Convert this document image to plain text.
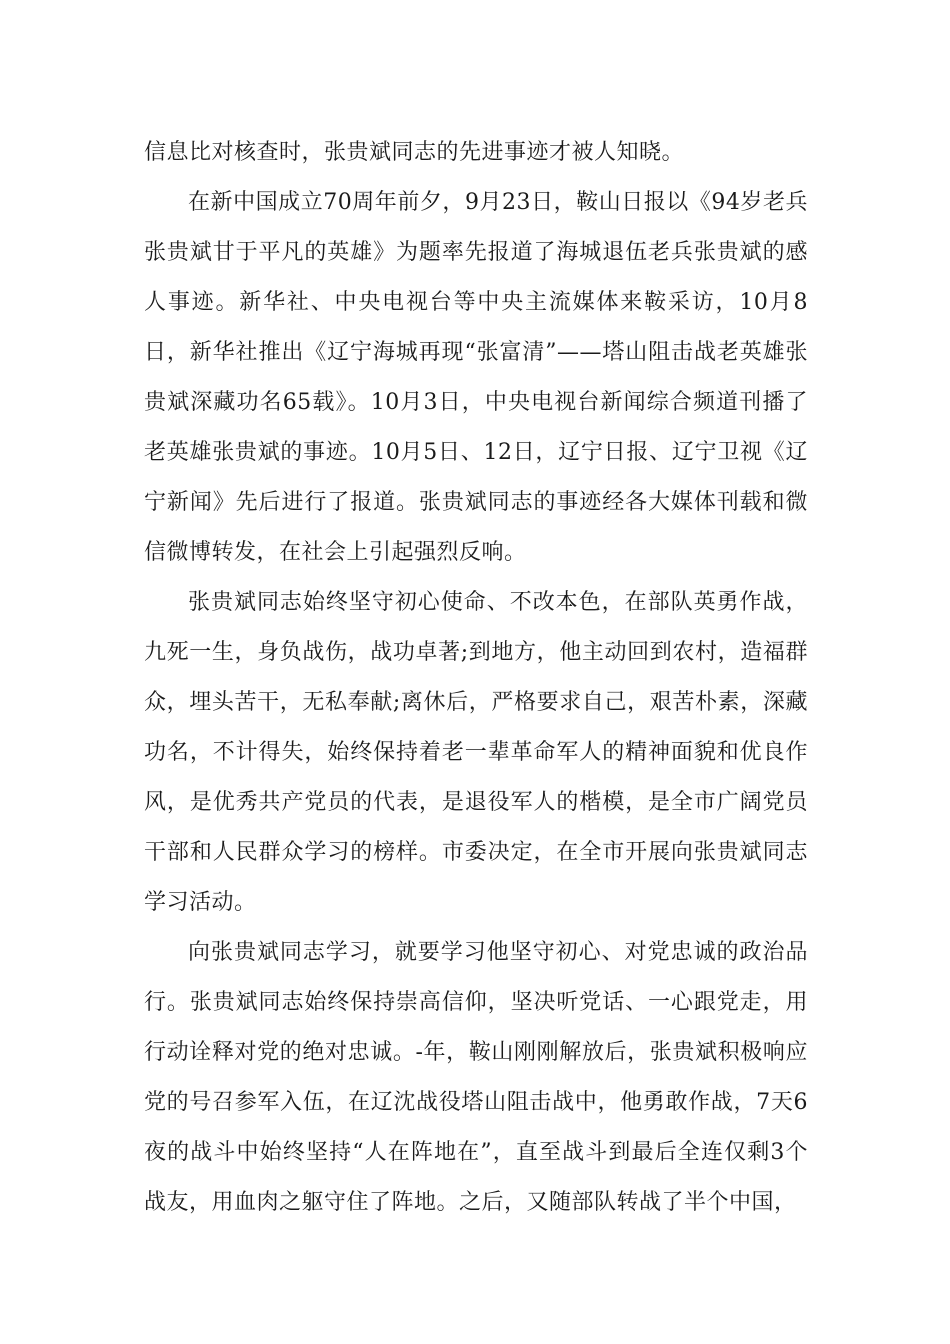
信息比对核查时，张贵斌同志的先进事迹才被人知晓。

在新中国成立70周年前夕，9月23日，鞍山日报以《94岁老兵张贵斌甘于平凡的英雄》为题率先报道了海城退伍老兵张贵斌的感人事迹。新华社、中央电视台等中央主流媒体来鞍采访，10月8日，新华社推出《辽宁海城再现“张富清”——塔山阻击战老英雄张贵斌深藏功名65载》。10月3日，中央电视台新闻综合频道刊播了老英雄张贵斌的事迹。10月5日、12日，辽宁日报、辽宁卫视《辽宁新闻》先后进行了报道。张贵斌同志的事迹经各大媒体刊载和微信微博转发，在社会上引起强烈反响。

张贵斌同志始终坚守初心使命、不改本色，在部队英勇作战，九死一生，身负战伤，战功卓著;到地方，他主动回到农村，造福群众，埋头苦干，无私奉献;离休后，严格要求自己，艰苦朴素，深藏功名，不计得失，始终保持着老一辈革命军人的精神面貌和优良作风，是优秀共产党员的代表，是退役军人的楷模，是全市广阔党员干部和人民群众学习的榜样。市委决定，在全市开展向张贵斌同志学习活动。

向张贵斌同志学习，就要学习他坚守初心、对党忠诚的政治品行。张贵斌同志始终保持崇高信仰，坚决听党话、一心跟党走，用行动诠释对党的绝对忠诚。-年，鞍山刚刚解放后，张贵斌积极响应党的号召参军入伍，在辽沈战役塔山阻击战中，他勇敢作战，7天6夜的战斗中始终坚持“人在阵地在”，直至战斗到最后全连仅剩3个战友，用血肉之躯守住了阵地。之后，又随部队转战了半个中国，
